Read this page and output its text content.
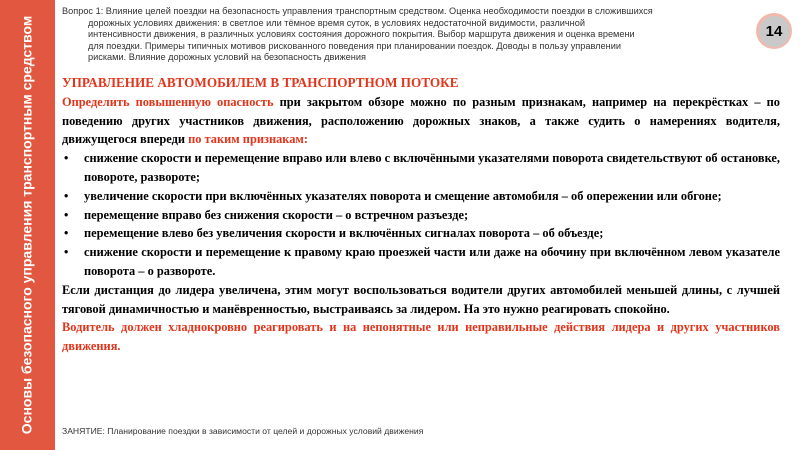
Основы безопасного управления транспортным средством
Вопрос 1: Влияние целей поездки на безопасность управления транспортным средством. Оценка необходимости поездки в сложившихся
дорожных условиях движения: в светлое или тёмное время суток, в условиях недостаточной видимости, различной
интенсивности движения, в различных условиях состояния дорожного покрытия. Выбор маршрута движения и оценка времени
для поездки. Примеры типичных мотивов рискованного поведения при планировании поездок. Доводы в пользу управлении
рисками. Влияние дорожных условий на безопасность движения
14

УПРАВЛЕНИЕ АВТОМОБИЛЕМ В ТРАНСПОРТНОМ ПОТОКЕ

Определить повышенную опасность при закрытом обзоре можно по разным признакам, например на перекрёстках – по поведению других участников движения, расположению дорожных знаков, а также судить о намерениях водителя, движущегося впереди по таким признакам:

• снижение скорости и перемещение вправо или влево с включёнными указателями поворота свидетельствуют об остановке, повороте, развороте;
• увеличение скорости при включённых указателях поворота и смещение автомобиля – об опережении или обгоне;
• перемещение вправо без снижения скорости – о встречном разъезде;
• перемещение влево без увеличения скорости и включённых сигналах поворота – об объезде;
• снижение скорости и перемещение к правому краю проезжей части или даже на обочину при включённом левом указателе поворота – о развороте.

Если дистанция до лидера увеличена, этим могут воспользоваться водители других автомобилей меньшей длины, с лучшей тяговой динамичностью и манёвренностью, выстраиваясь за лидером. На это нужно реагировать спокойно.

Водитель должен хладнокровно реагировать и на непонятные или неправильные действия лидера и других участников движения.

ЗАНЯТИЕ: Планирование поездки в зависимости от целей и дорожных условий движения
